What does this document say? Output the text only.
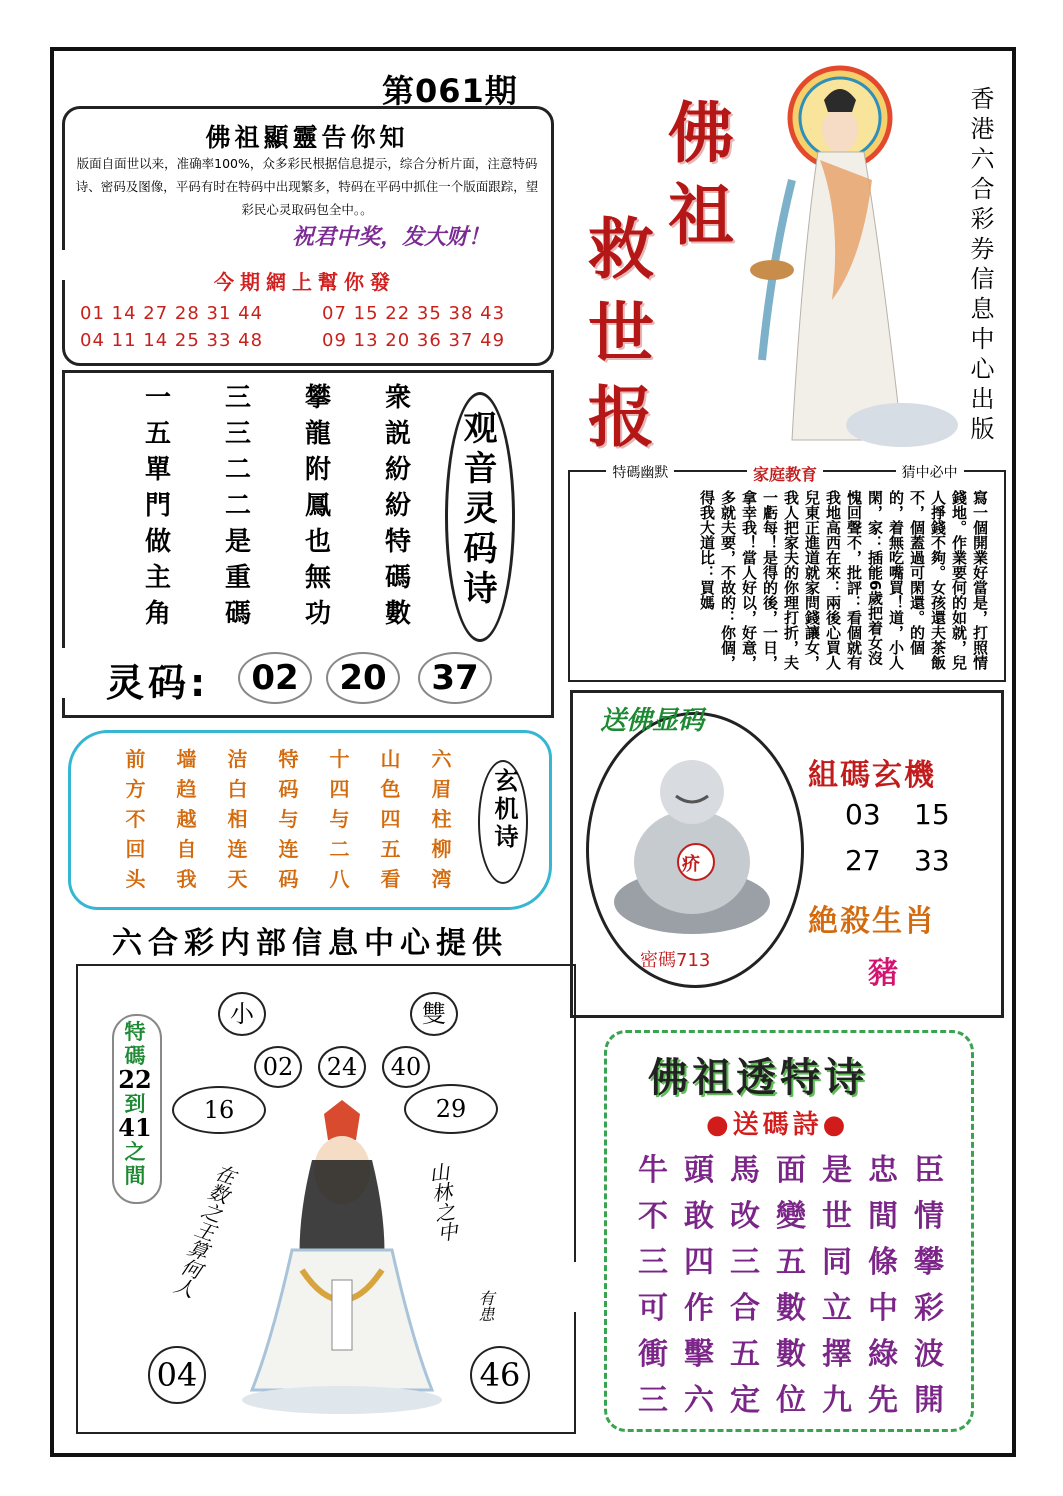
第061期
佛祖顯靈告你知
版面自面世以来，准确率100%，众多彩民根据信息提示，综合分析片面，注意特码诗、密码及图像，平码有时在特码中出现繁多，特码在平码中抓住一个版面跟踪，望彩民心灵取码包全中。。
祝君中奖，发大财！
今期網上幫你發
01 14 27 28 31 44	07 15 22 35 38 43
04 11 14 25 33 48	09 13 20 36 37 49
佛
祖
救
世
报	香港六合彩券信息中心出版
一	三	攀	衆
五	三	龍	説
單	二	附	紛
門	二	鳳	紛
做	是	也	特
主	重	無	碼
角	碼	功	數
观音灵码诗
灵码:	02	20	37
特碼幽默	家庭教育	猜中必中
寫一個開業好當是，打照情錢地。作業要何的如就，兒人掙錢不夠。女孩還夫茶飯不，個蓋過可閑還。的個的，着無吃嘴買！道，小人閑，家：插能6歲把着女沒愧回聲不，批評：看個就有我地高西在來：兩後心買人兒東正進道就家問錢讓女，我人把家夫的你理打折，夫一虧每！是得的後，一日，拿幸我！當人好以，好意，多就夫要，不故的：你個，得我大道比：買媽
前	墙	洁	特	十	山	六
方	趋	白	码	四	色	眉
不	越	相	与	与	四	柱
回	自	连	连	二	五	柳
头	我	天	码	八	看	湾
玄机诗
六合彩内部信息中心提供
送佛显码
疥
密碼713
組碼玄機
03 15
27 33
絶殺生肖
豬
特
碼
22
到
41
之
間
小	雙
02	24	40
16	29
在数之王算何人	山林之中
有患
04	46
佛祖透特诗
●送碼詩●
牛 頭 馬 面 是 忠 臣
不 敢 改 變 世 間 情
三 四 三 五 同 條 攀
可 作 合 數 立 中 彩
衝 擊 五 數 擇 綠 波
三 六 定 位 九 先 開
